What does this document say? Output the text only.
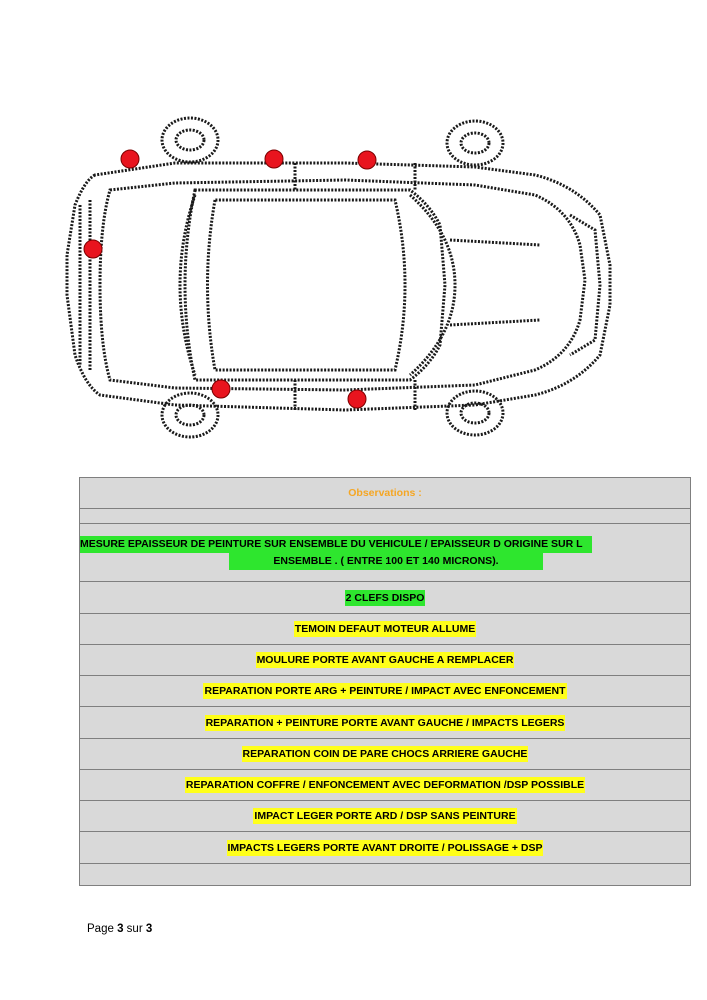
Observations :
MESURE EPAISSEUR DE PEINTURE SUR ENSEMBLE DU VEHICULE / EPAISSEUR D ORIGINE SUR L
ENSEMBLE . ( ENTRE 100 ET 140 MICRONS).
2 CLEFS DISPO
TEMOIN DEFAUT MOTEUR ALLUME
MOULURE PORTE AVANT GAUCHE A REMPLACER
REPARATION PORTE ARG + PEINTURE / IMPACT AVEC ENFONCEMENT
REPARATION + PEINTURE PORTE AVANT GAUCHE / IMPACTS LEGERS
REPARATION COIN DE PARE CHOCS ARRIERE GAUCHE
REPARATION COFFRE / ENFONCEMENT AVEC DEFORMATION /DSP POSSIBLE
IMPACT LEGER PORTE ARD / DSP SANS PEINTURE
IMPACTS LEGERS PORTE AVANT DROITE / POLISSAGE + DSP
Page 3 sur 3
